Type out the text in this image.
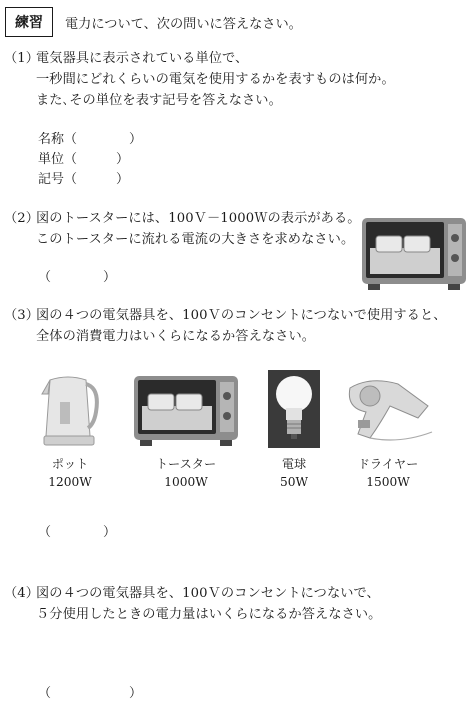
練習	電力について、次の問いに答えなさい。
（1）
電気器具に表示されている単位で、
一秒間にどれくらいの電気を使用するかを表すものは何か。
また､その単位を表す記号を答えなさい。
名称（　　　　）
単位（　　　）
記号（　　　）
（2）
図のトースターには、100Ｖ－1000Ｗの表示がある。
このトースターに流れる電流の大きさを求めなさい。
（　　　　）
（3）
図の４つの電気器具を、100Ｖのコンセントにつないで使用すると、
全体の消費電力はいくらになるか答えなさい。
ポット
1200W
トースター
1000W
電球
50W
ドライヤー
1500W
（　　　　）
（4）
図の４つの電気器具を、100Ｖのコンセントにつないで、
５分使用したときの電力量はいくらになるか答えなさい。
（　　　　　　）
